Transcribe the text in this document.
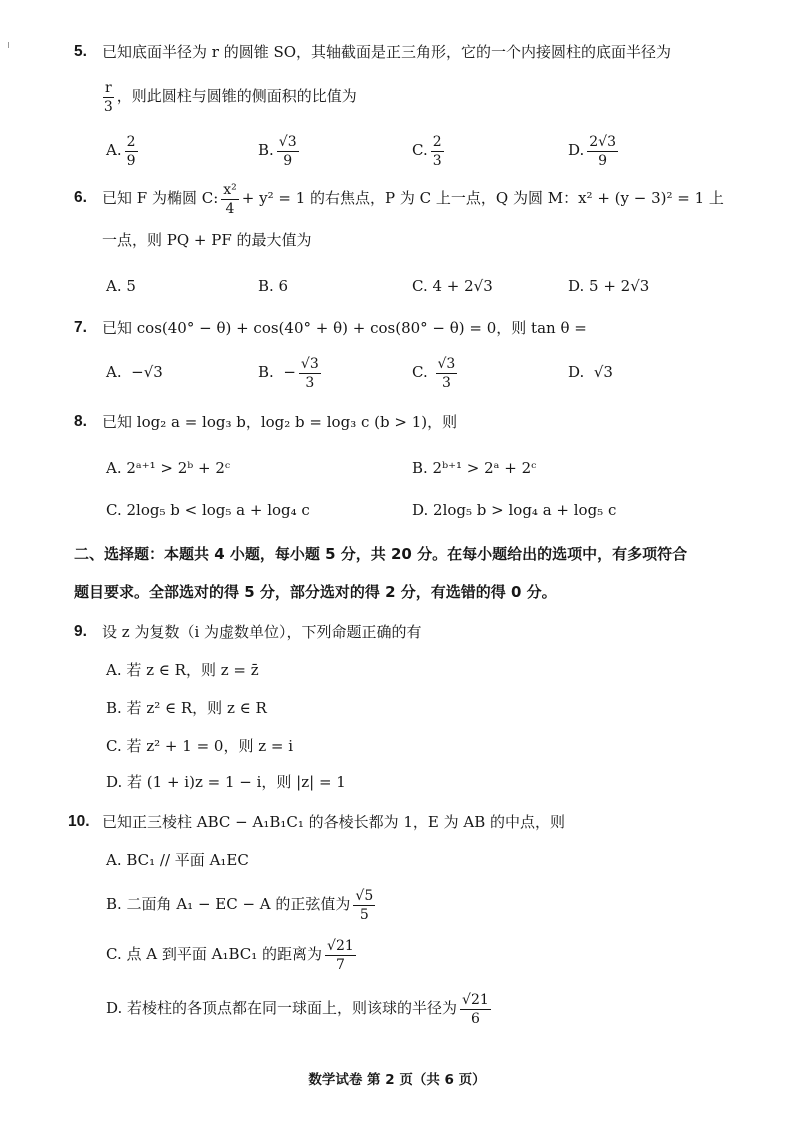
5. 已知底面半径为 r 的圆锥 SO，其轴截面是正三角形，它的一个内接圆柱的底面半径为
$\frac{r}{3}$ ，则此圆柱与圆锥的侧面积的比值为
A. $\frac{2}{9}$	B. $\frac{√3}{9}$	C. $\frac{2}{3}$	D. $\frac{2√3}{9}$
6. 已知 F 为椭圆 C: $\frac{\text{x²}}{4} + y^2 = 1$ 的右焦点，P 为 C 上一点，Q 为圆 M：x² + (y − 3)² = 1 上
一点，则 PQ + PF 的最大值为
A. 5	B. 6	C. 4 + 2√3	D. 5 + 2√3
7. 已知 cos(40° − θ) + cos(40° + θ) + cos(80° − θ) = 0，则 tan θ =
A. −√3	B. − $\frac{√3}{3}$	C. $\frac{√3}{3}$	D. √3
8. 已知 log₂ a = log₃ b，log₂ b = log₃ c (b > 1)，则
A. 2ᵃ⁺¹ > 2ᵇ + 2ᶜ	B. 2ᵇ⁺¹ > 2ᵃ + 2ᶜ
C. 2log₅ b < log₅ a + log₄ c	D. 2log₅ b > log₄ a + log₅ c
二、选择题：本题共 4 小题，每小题 5 分，共 20 分。在每小题给出的选项中，有多项符合
题目要求。全部选对的得 5 分，部分选对的得 2 分，有选错的得 0 分。
9. 设 z 为复数（i 为虚数单位），下列命题正确的有
A. 若 z ∈ R，则 z = z̄
B. 若 z² ∈ R，则 z ∈ R
C. 若 z² + 1 = 0，则 z = i
D. 若 (1 + i)z = 1 − i，则 |z| = 1
10. 已知正三棱柱 ABC − A₁B₁C₁ 的各棱长都为 1，E 为 AB 的中点，则
A. BC₁ // 平面 A₁EC
B. 二面角 A₁ − EC − A 的正弦值为 $\frac{√5}{5}$
C. 点 A 到平面 A₁BC₁ 的距离为 $\frac{√21}{7}$
D. 若棱柱的各顶点都在同一球面上，则该球的半径为 $\frac{√21}{6}$
数学试卷 第 2 页（共 6 页）
